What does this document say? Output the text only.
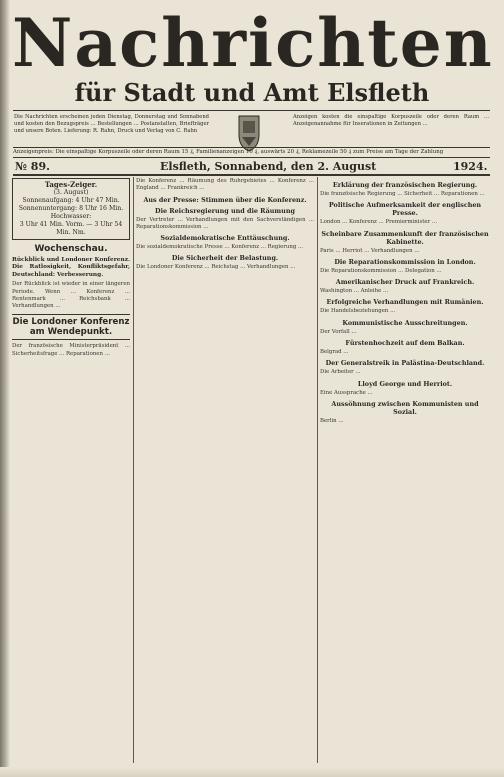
Nachrichten
für Stadt und Amt Elsfleth
Die Nachrichten erscheinen jeden Dienstag, Donnerstag und Sonnabend und kosten den Bezugspreis ... Bestellungen ... Postanstalten, Briefträger und unsere Boten. Lieferung: R. Rahn, Druck und Verlag von C. Rahn
Anzeigen kosten die einspaltige Korpuszeile oder deren Raum ... Anzeigenannahme für Inserationen in Zeitungen ...
Anzeigenpreis: Die einspaltige Korpuszeile oder deren Raum 15 ₰, Familienanzeigen 10 ₰, auswärts 20 ₰, Reklamezeile 50 ₰ zum Preise am Tage der Zahlung
№ 89.	Elsfleth, Sonnabend, den 2. August	1924.
Tages-Zeiger.
(3. August)
Sonnenaufgang: 4 Uhr 47 Min.
Sonnenuntergang: 8 Uhr 16 Min.
Hochwasser:
3 Uhr 41 Min. Vorm. — 3 Uhr 54 Min. Nm.
Wochenschau.
Rückblick und Londoner Konferenz. Die Ratlosigkeit, Konfliktsgefahr, Deutschland: Verbesserung.
Der Rückblick ist wieder in einer längeren Periode. Wenn ... Konferenz ... Rentenmark ... Reichsbank ... Verhandlungen ...
Die Londoner Konferenz am Wendepunkt.
Der französische Ministerpräsident ... Sicherheitsfrage ... Reparationen ...
Die Konferenz ... Räumung des Ruhrgebietes ... Konferenz ... England ... Frankreich ...
Aus der Presse: Stimmen über die Konferenz.
Die Reichsregierung und die Räumung
Der Vertreter ... Verhandlungen mit den Sachverständigen ... Reparationskommission ...
Sozialdemokratische Enttäuschung.
Die sozialdemokratische Presse ... Konferenz ... Regierung ...
Die Sicherheit der Belastung.
Die Londoner Konferenz ... Reichstag ... Verhandlungen ...
Erklärung der französischen Regierung.
Die französische Regierung ... Sicherheit ... Reparationen ...
Politische Aufmerksamkeit der englischen Presse.
London ... Konferenz ... Premierminister ...
Scheinbare Zusammenkunft der französischen Kabinette.
Paris ... Herriot ... Verhandlungen ...
Die Reparationskommission in London.
Die Reparationskommission ... Delegation ...
Amerikanischer Druck auf Frankreich.
Washington ... Anleihe ...
Erfolgreiche Verhandlungen mit Rumänien.
Die Handelsbeziehungen ...
Kommunistische Ausschreitungen.
Der Vorfall ...
Fürstenhochzeit auf dem Balkan.
Belgrad ...
Der Generalstreik in Palästina-Deutschland.
Die Arbeiter ...
Lloyd George und Herriot.
Eine Aussprache ...
Aussöhnung zwischen Kommunisten und Sozial.
Berlin ...
